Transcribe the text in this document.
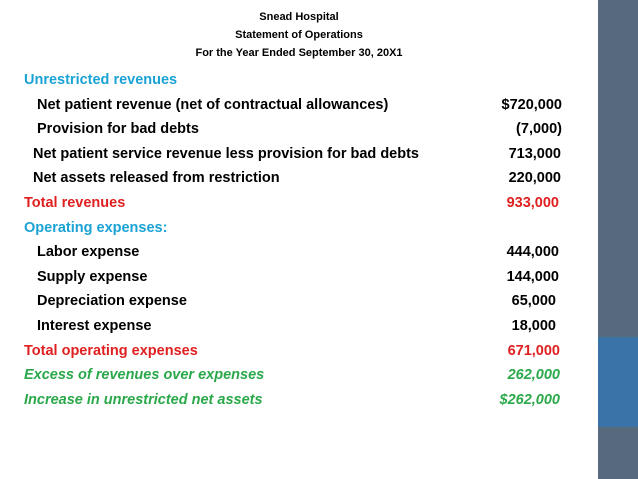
Snead Hospital
Statement of Operations
For the Year Ended September 30, 20X1
Unrestricted revenues
Net patient revenue (net of contractual allowances)	$720,000
Provision for bad debts	(7,000)
Net patient service revenue less provision for bad debts	713,000
Net assets released from restriction	220,000
Total revenues	933,000
Operating expenses:
Labor expense	444,000
Supply expense	144,000
Depreciation expense	65,000
Interest expense	18,000
Total operating expenses	671,000
Excess of revenues over expenses	262,000
Increase in unrestricted net assets	$262,000
